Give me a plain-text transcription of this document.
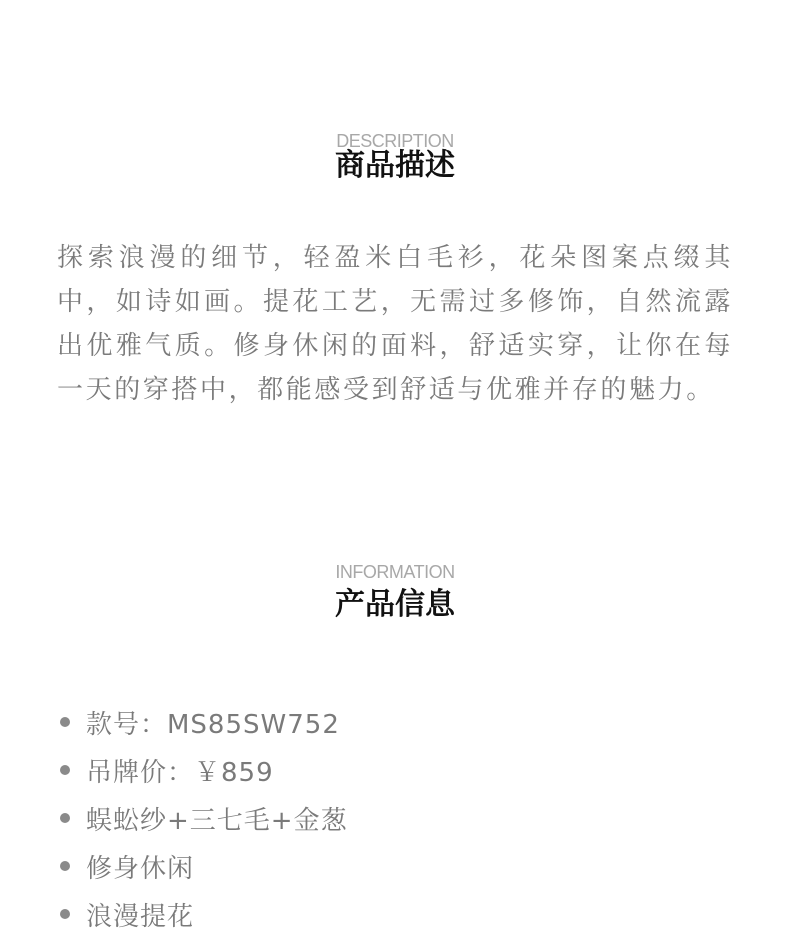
DESCRIPTION
商品描述
探索浪漫的细节，轻盈米白毛衫，花朵图案点缀其中，如诗如画。提花工艺，无需过多修饰，自然流露出优雅气质。修身休闲的面料，舒适实穿，让你在每一天的穿搭中，都能感受到舒适与优雅并存的魅力。
INFORMATION
产品信息
款号：MS85SW752
吊牌价：￥859
蜈蚣纱+三七毛+金葱
修身休闲
浪漫提花
